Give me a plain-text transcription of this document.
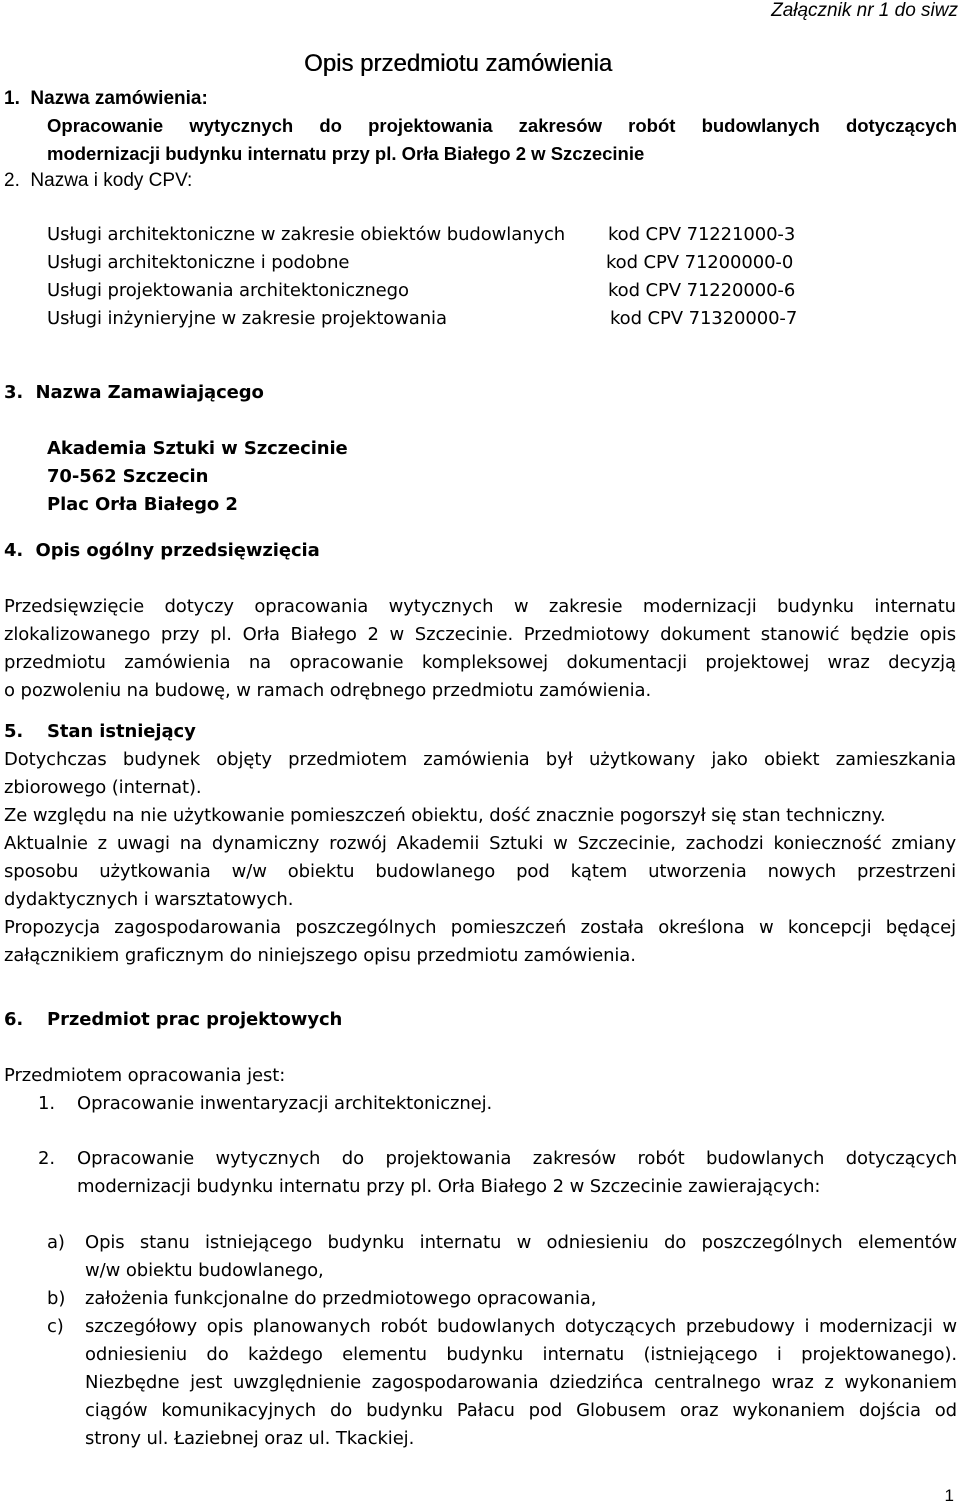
Załącznik nr 1 do siwz
Opis przedmiotu zamówienia
1.  Nazwa zamówienia:
Opracowanie wytycznych do projektowania zakresów robót budowlanych dotyczących
modernizacji budynku internatu przy pl. Orła Białego 2 w Szczecinie
2.  Nazwa i kody CPV:
Usługi architektoniczne w zakresie obiektów budowlanych kod CPV 71221000-3
Usługi architektoniczne i podobne	kod CPV 71200000-0
Usługi projektowania architektonicznego	kod CPV 71220000-6
Usługi inżynieryjne w zakresie projektowania	kod CPV 71320000-7
3.  Nazwa Zamawiającego
Akademia Sztuki w Szczecinie
70-562 Szczecin
Plac Orła Białego 2
4.  Opis ogólny przedsięwzięcia
Przedsięwzięcie dotyczy opracowania wytycznych w zakresie modernizacji budynku internatu
zlokalizowanego przy pl. Orła Białego 2 w Szczecinie. Przedmiotowy dokument stanowić będzie opis
przedmiotu zamówienia na opracowanie kompleksowej dokumentacji projektowej wraz decyzją
o pozwoleniu na budowę, w ramach odrębnego przedmiotu zamówienia.
5. Stan istniejący
Dotychczas budynek objęty przedmiotem zamówienia był użytkowany jako obiekt zamieszkania
zbiorowego (internat).
Ze względu na nie użytkowanie pomieszczeń obiektu, dość znacznie pogorszył się stan techniczny.
Aktualnie z uwagi na dynamiczny rozwój Akademii Sztuki w Szczecinie, zachodzi konieczność zmiany
sposobu użytkowania w/w obiektu budowlanego pod kątem utworzenia nowych przestrzeni
dydaktycznych i warsztatowych.
Propozycja zagospodarowania poszczególnych pomieszczeń została określona w koncepcji będącej
załącznikiem graficznym do niniejszego opisu przedmiotu zamówienia.
6. Przedmiot prac projektowych
Przedmiotem opracowania jest:
1. Opracowanie inwentaryzacji architektonicznej.
2. Opracowanie wytycznych do projektowania zakresów robót budowlanych dotyczących
modernizacji budynku internatu przy pl. Orła Białego 2 w Szczecinie zawierających:
a) Opis stanu istniejącego budynku internatu w odniesieniu do poszczególnych elementów
w/w obiektu budowlanego,
b) założenia funkcjonalne do przedmiotowego opracowania,
c) szczegółowy opis planowanych robót budowlanych dotyczących przebudowy i modernizacji w
odniesieniu do każdego elementu budynku internatu (istniejącego i projektowanego).
Niezbędne jest uwzględnienie zagospodarowania dziedzińca centralnego wraz z wykonaniem
ciągów komunikacyjnych do budynku Pałacu pod Globusem oraz wykonaniem dojścia od
strony ul. Łaziebnej oraz ul. Tkackiej.
1
